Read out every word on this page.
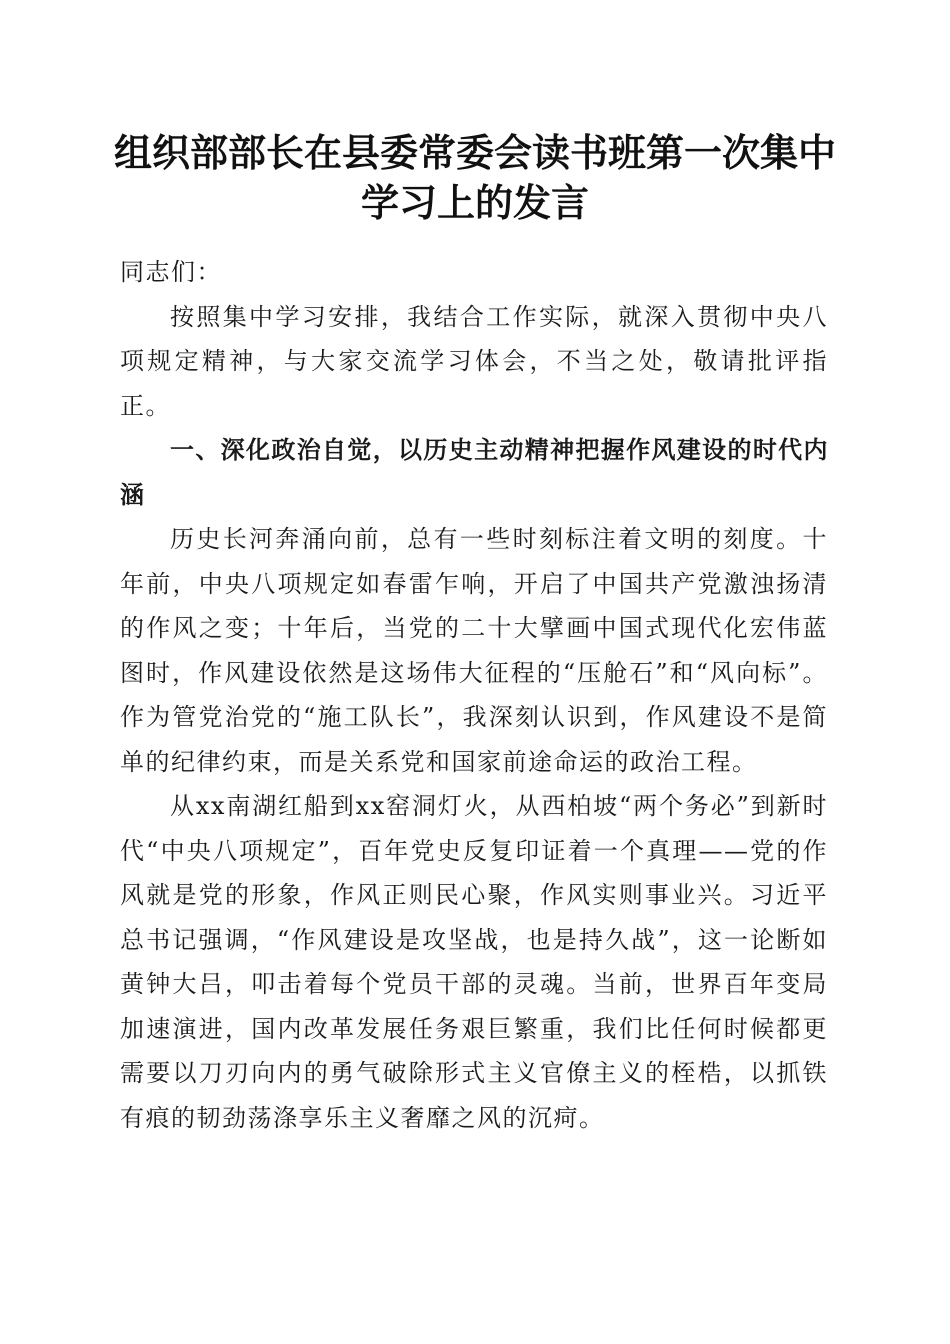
组织部部长在县委常委会读书班第一次集中学习上的发言

同志们：

按照集中学习安排，我结合工作实际，就深入贯彻中央八项规定精神，与大家交流学习体会，不当之处，敬请批评指正。

一、深化政治自觉，以历史主动精神把握作风建设的时代内涵

历史长河奔涌向前，总有一些时刻标注着文明的刻度。十年前，中央八项规定如春雷乍响，开启了中国共产党激浊扬清的作风之变；十年后，当党的二十大擘画中国式现代化宏伟蓝图时，作风建设依然是这场伟大征程的“压舱石”和“风向标”。作为管党治党的“施工队长”，我深刻认识到，作风建设不是简单的纪律约束，而是关系党和国家前途命运的政治工程。

从xx南湖红船到xx窑洞灯火，从西柏坡“两个务必”到新时代“中央八项规定”，百年党史反复印证着一个真理——党的作风就是党的形象，作风正则民心聚，作风实则事业兴。习近平总书记强调，“作风建设是攻坚战，也是持久战”，这一论断如黄钟大吕，叩击着每个党员干部的灵魂。当前，世界百年变局加速演进，国内改革发展任务艰巨繁重，我们比任何时候都更需要以刀刃向内的勇气破除形式主义官僚主义的桎梏，以抓铁有痕的韧劲荡涤享乐主义奢靡之风的沉疴。
